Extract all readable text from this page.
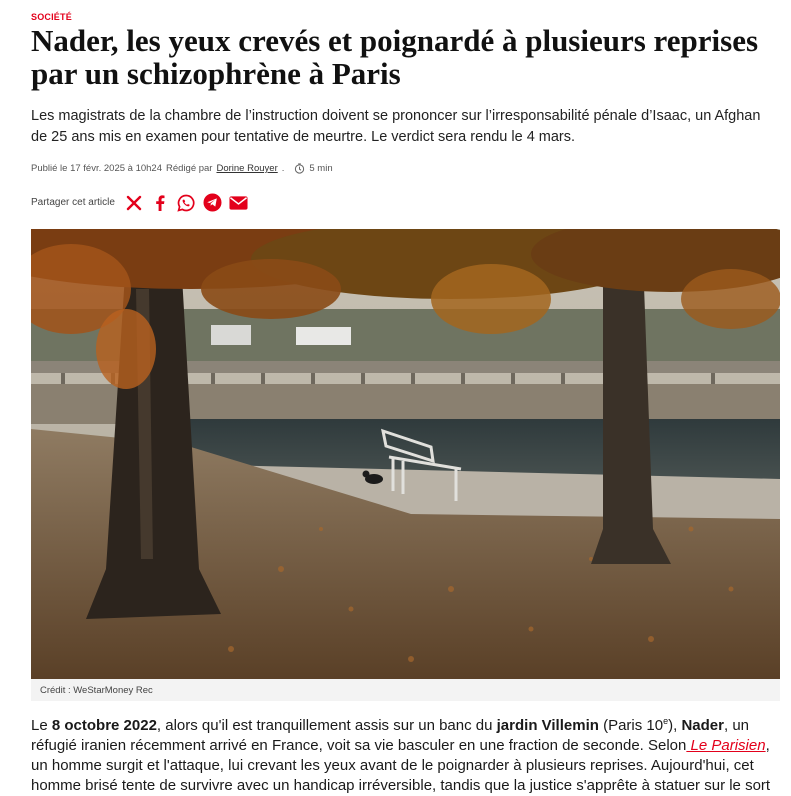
SOCIÉTÉ
Nader, les yeux crevés et poignardé à plusieurs reprises par un schizophrène à Paris

Les magistrats de la chambre de l’instruction doivent se prononcer sur l’irresponsabilité pénale d’Isaac, un Afghan de 25 ans mis en examen pour tentative de meurtre. Le verdict sera rendu le 4 mars.

Publié le 17 févr. 2025 à 10h24 Rédigé par Dorine Rouyer .	5 min
Partager cet article
Crédit : WeStarMoney Rec

Le 8 octobre 2022, alors qu'il est tranquillement assis sur un banc du jardin Villemin (Paris 10e), Nader, un réfugié iranien récemment arrivé en France, voit sa vie basculer en une fraction de seconde. Selon Le Parisien, un homme surgit et l'attaque, lui crevant les yeux avant de le poignarder à plusieurs reprises. Aujourd'hui, cet homme brisé tente de survivre avec un handicap irréversible, tandis que la justice s'apprête à statuer sur le sort
